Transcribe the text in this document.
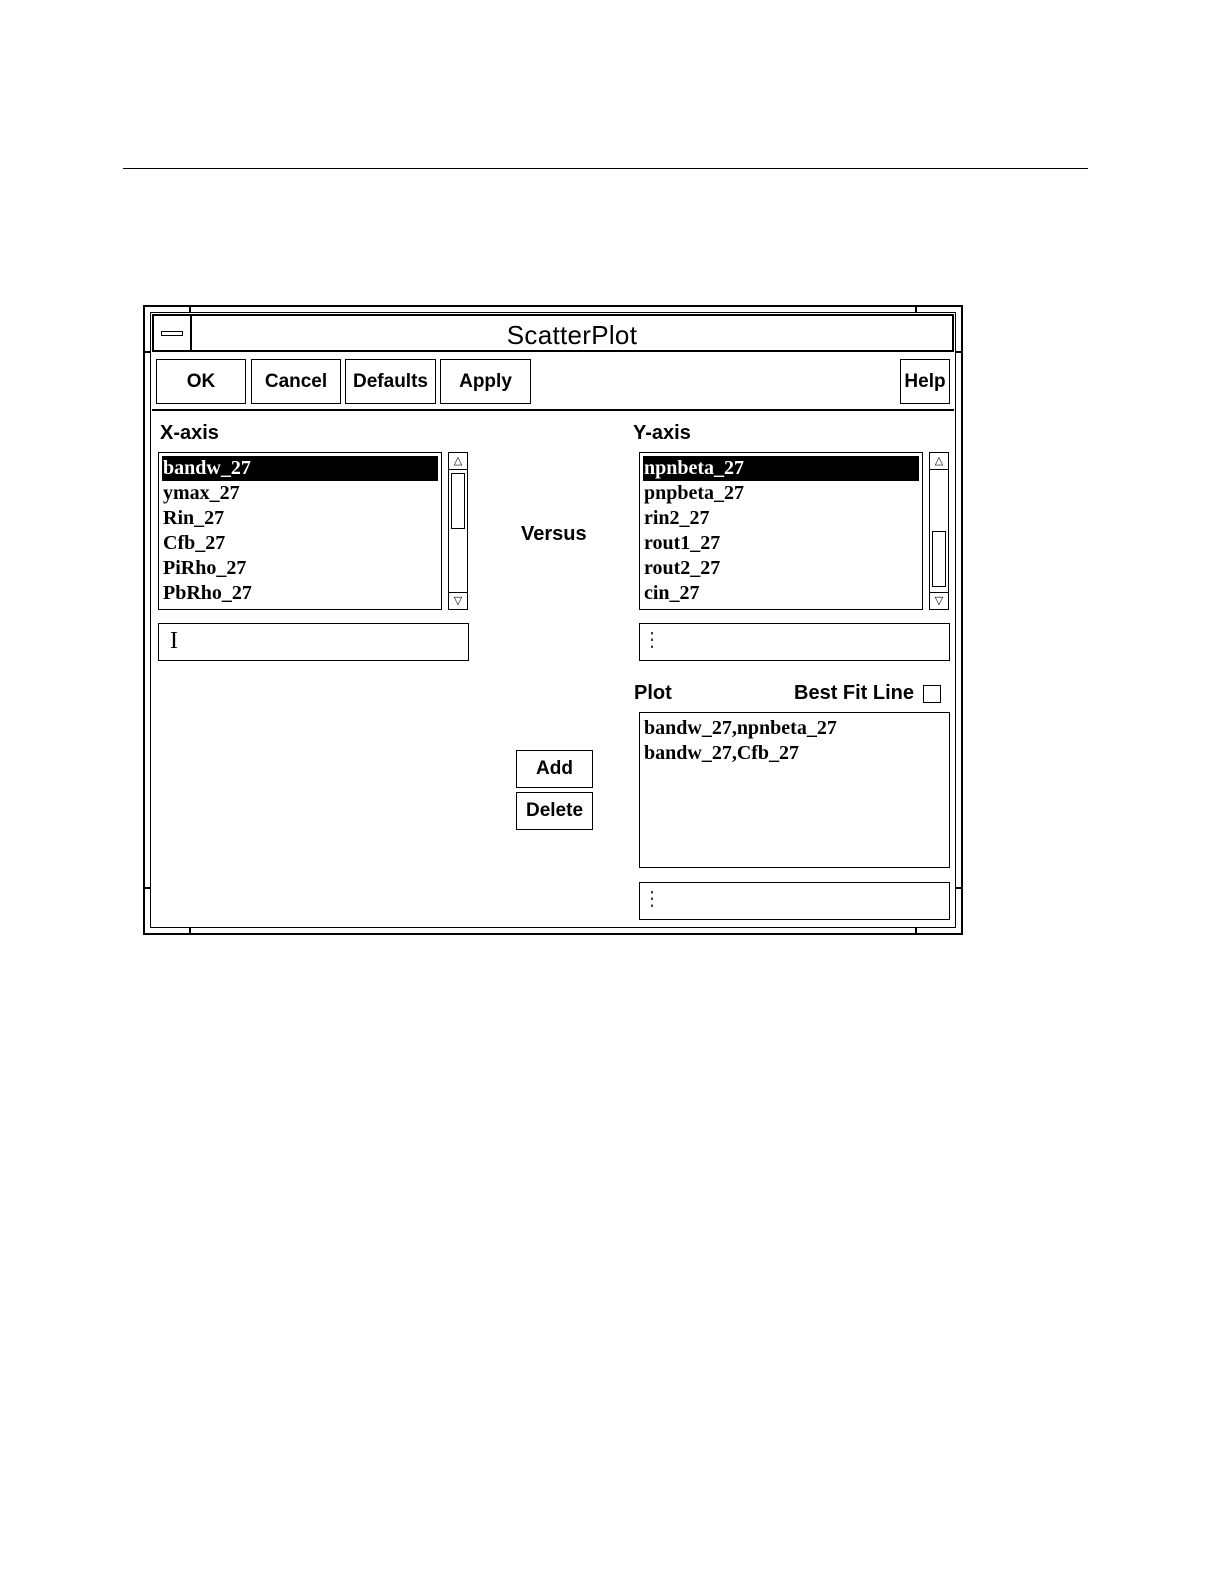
ScatterPlot
OK	Cancel	Defaults	Apply	Help
X-axis
bandw_27
ymax_27
Rin_27
Cfb_27
PiRho_27
PbRho_27
△
▽
I
Versus
Add
Delete
Y-axis
npnbeta_27
pnpbeta_27
rin2_27
rout1_27
rout2_27
cin_27
△
▽
⋮
Plot	Best Fit Line
bandw_27,npnbeta_27
bandw_27,Cfb_27
⋮
